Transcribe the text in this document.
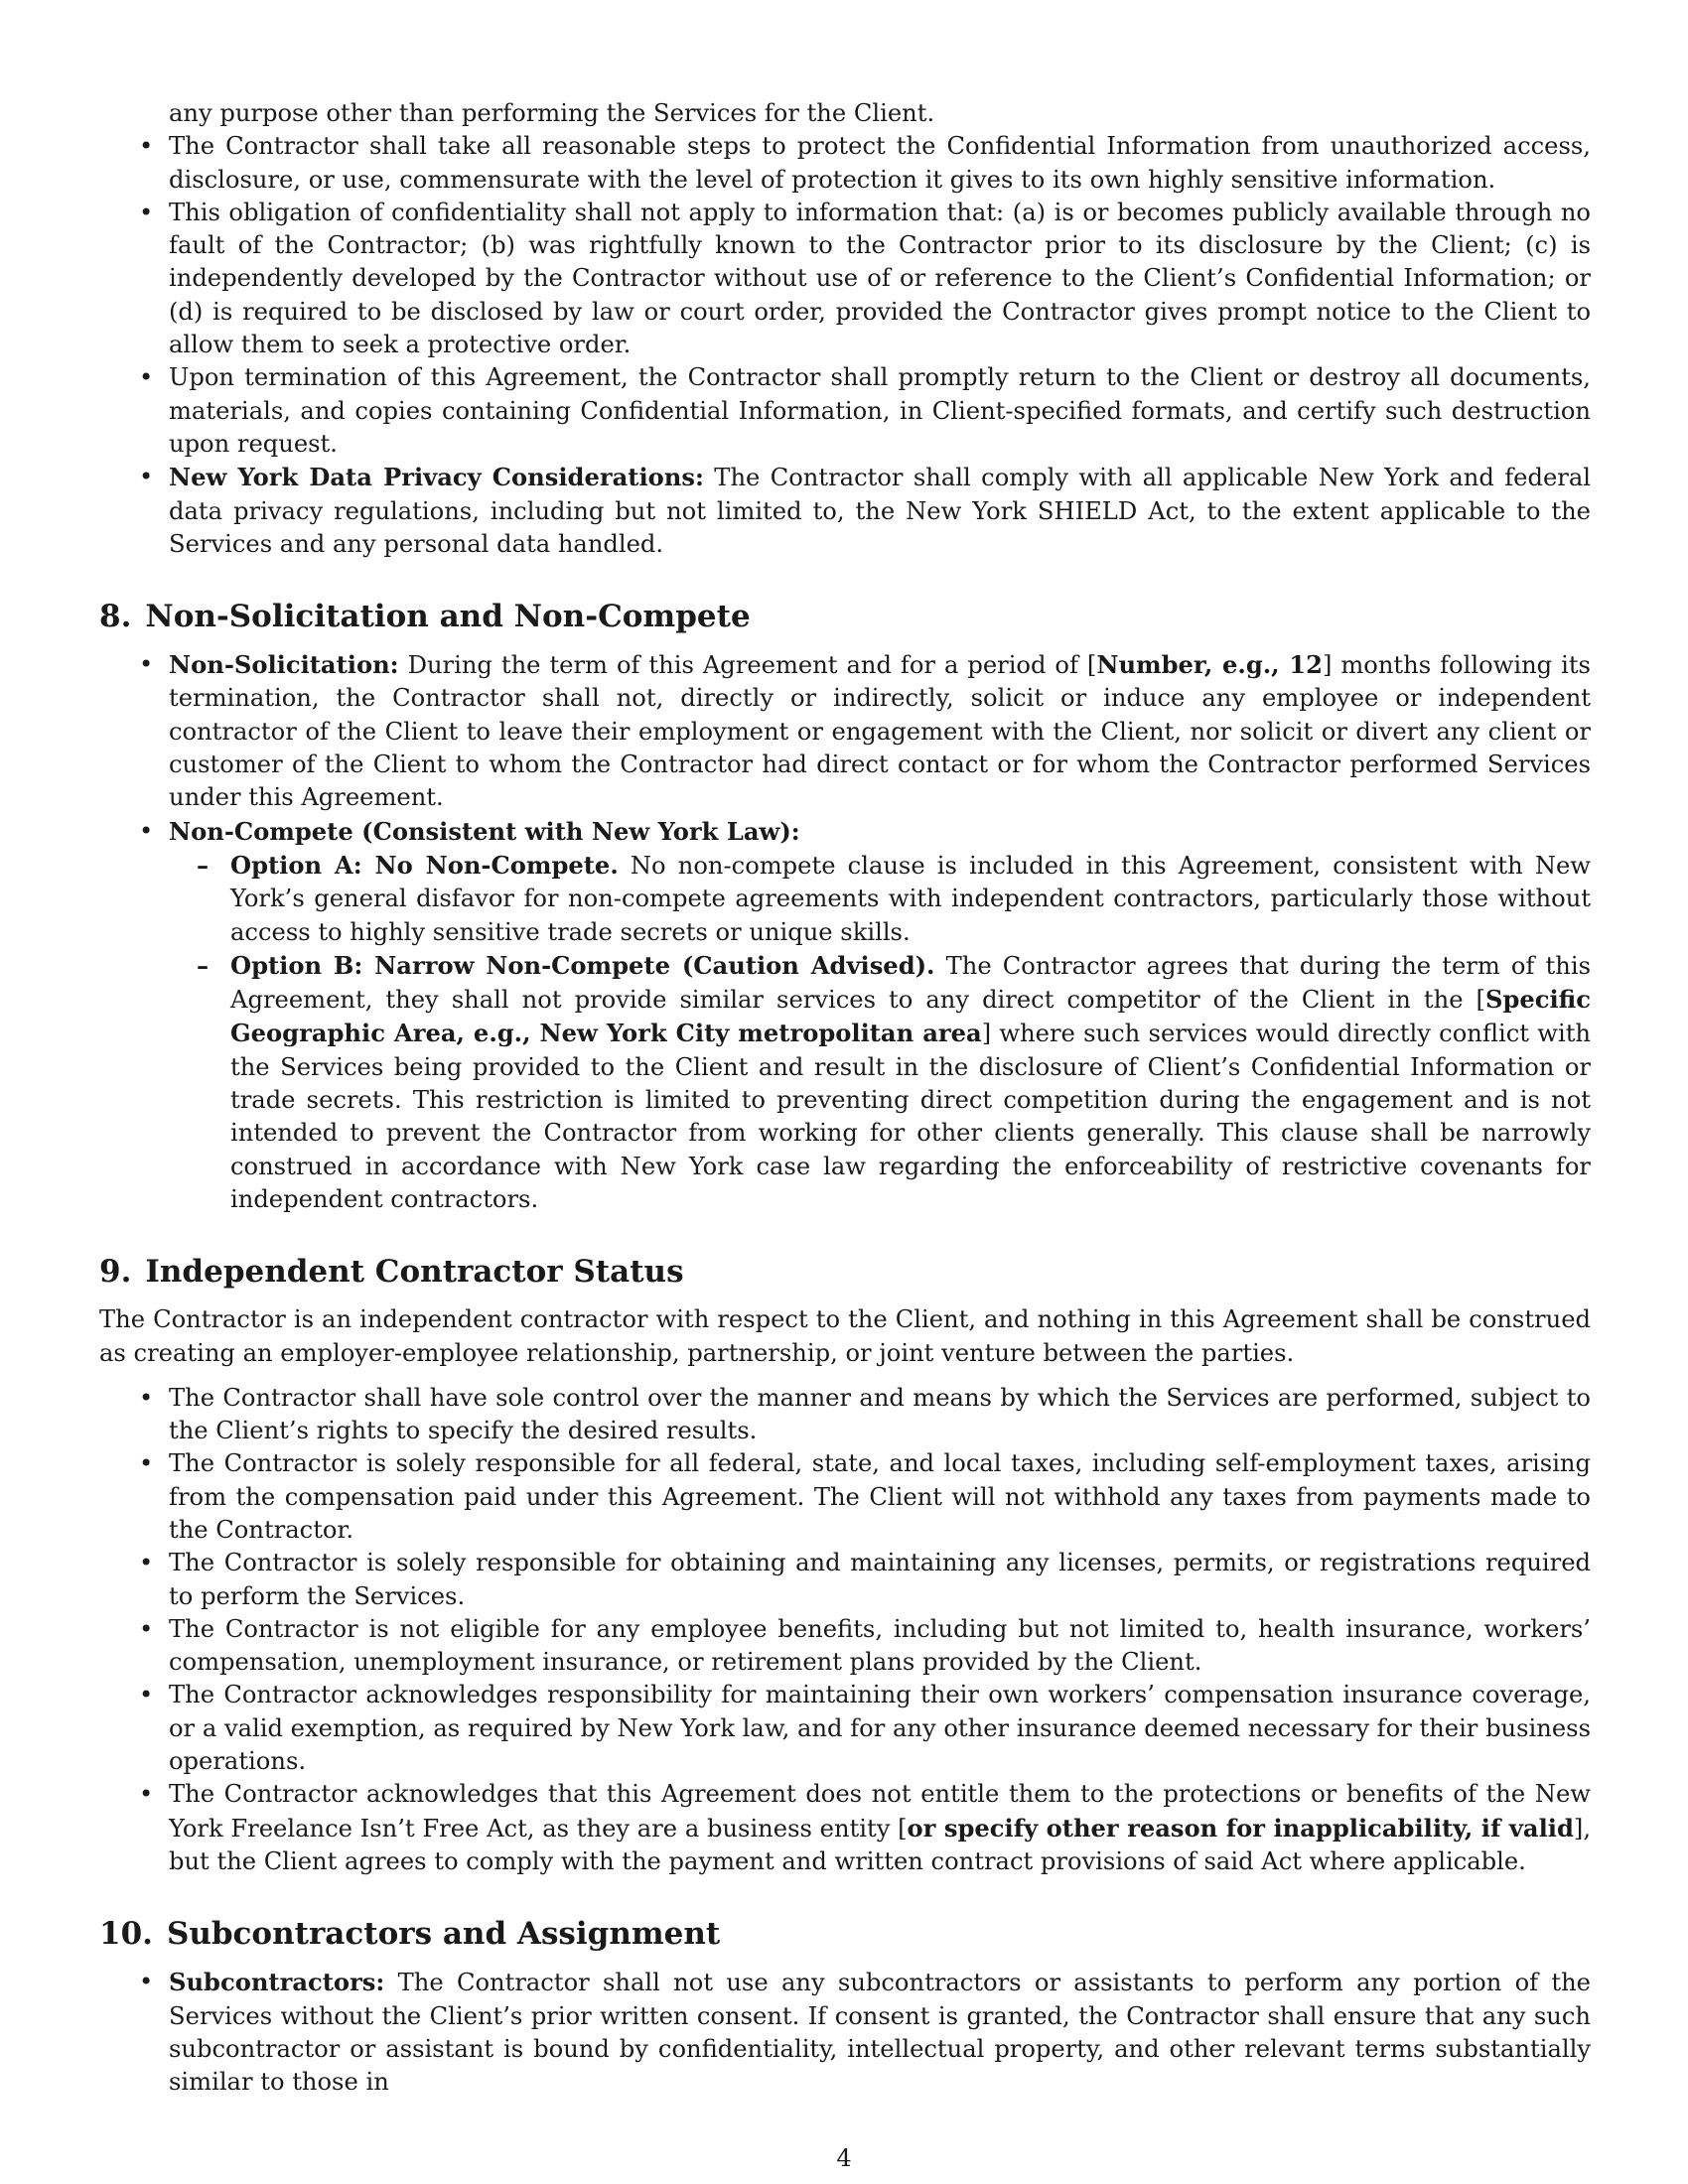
any purpose other than performing the Services for the Client.

• The Contractor shall take all reasonable steps to protect the Confidential Information from unauthorized access, disclosure, or use, commensurate with the level of protection it gives to its own highly sensitive information.
• This obligation of confidentiality shall not apply to information that: (a) is or becomes publicly available through no fault of the Contractor; (b) was rightfully known to the Contractor prior to its disclosure by the Client; (c) is independently developed by the Contractor without use of or reference to the Client’s Confidential Information; or (d) is required to be disclosed by law or court order, provided the Contractor gives prompt notice to the Client to allow them to seek a protective order.
• Upon termination of this Agreement, the Contractor shall promptly return to the Client or destroy all documents, materials, and copies containing Confidential Information, in Client-specified formats, and certify such destruction upon request.
• New York Data Privacy Considerations: The Contractor shall comply with all applicable New York and federal data privacy regulations, including but not limited to, the New York SHIELD Act, to the extent applicable to the Services and any personal data handled.
8. Non-Solicitation and Non-Compete
• Non-Solicitation: During the term of this Agreement and for a period of [Number, e.g., 12] months following its termination, the Contractor shall not, directly or indirectly, solicit or induce any employee or independent contractor of the Client to leave their employment or engagement with the Client, nor solicit or divert any client or customer of the Client to whom the Contractor had direct contact or for whom the Contractor performed Services under this Agreement.
• Non-Compete (Consistent with New York Law):
– Option A: No Non-Compete. No non-compete clause is included in this Agreement, consistent with New York’s general disfavor for non-compete agreements with independent contractors, particularly those without access to highly sensitive trade secrets or unique skills.
– Option B: Narrow Non-Compete (Caution Advised). The Contractor agrees that during the term of this Agreement, they shall not provide similar services to any direct competitor of the Client in the [Specific Geographic Area, e.g., New York City metropolitan area] where such services would directly conflict with the Services being provided to the Client and result in the disclosure of Client’s Confidential Information or trade secrets. This restriction is limited to preventing direct competition during the engagement and is not intended to prevent the Contractor from working for other clients generally. This clause shall be narrowly construed in accordance with New York case law regarding the enforceability of restrictive covenants for independent contractors.
9. Independent Contractor Status

The Contractor is an independent contractor with respect to the Client, and nothing in this Agreement shall be construed as creating an employer-employee relationship, partnership, or joint venture between the parties.

• The Contractor shall have sole control over the manner and means by which the Services are performed, subject to the Client’s rights to specify the desired results.
• The Contractor is solely responsible for all federal, state, and local taxes, including self-employment taxes, arising from the compensation paid under this Agreement. The Client will not withhold any taxes from payments made to the Contractor.
• The Contractor is solely responsible for obtaining and maintaining any licenses, permits, or registrations required to perform the Services.
• The Contractor is not eligible for any employee benefits, including but not limited to, health insurance, workers’ compensation, unemployment insurance, or retirement plans provided by the Client.
• The Contractor acknowledges responsibility for maintaining their own workers’ compensation insurance coverage, or a valid exemption, as required by New York law, and for any other insurance deemed necessary for their business operations.
• The Contractor acknowledges that this Agreement does not entitle them to the protections or benefits of the New York Freelance Isn’t Free Act, as they are a business entity [or specify other reason for inapplicability, if valid], but the Client agrees to comply with the payment and written contract provisions of said Act where applicable.
10. Subcontractors and Assignment
• Subcontractors: The Contractor shall not use any subcontractors or assistants to perform any portion of the Services without the Client’s prior written consent. If consent is granted, the Contractor shall ensure that any such subcontractor or assistant is bound by confidentiality, intellectual property, and other relevant terms substantially similar to those in
4
